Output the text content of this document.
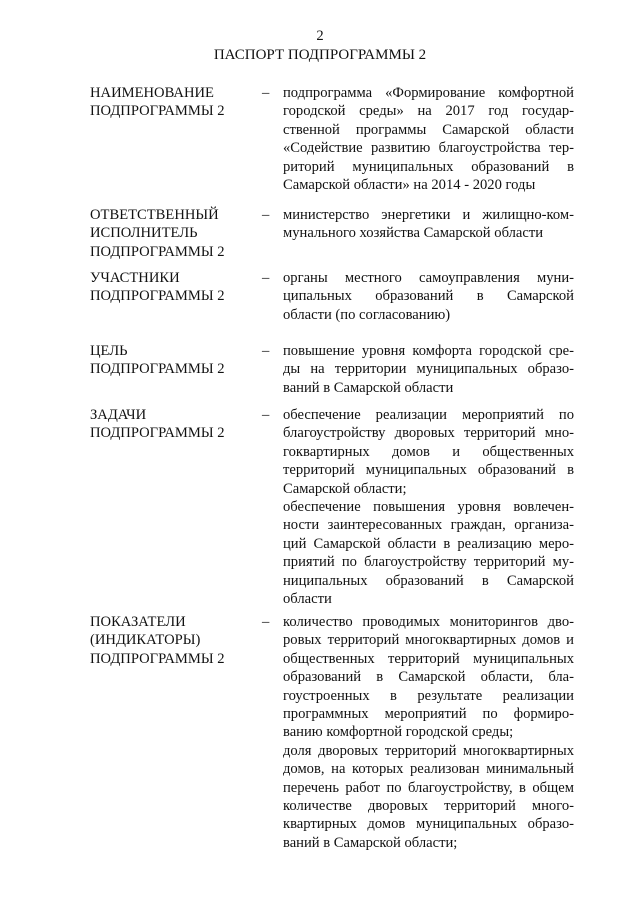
2
ПАСПОРТ ПОДПРОГРАММЫ 2
НАИМЕНОВАНИЕ
ПОДПРОГРАММЫ 2
– подпрограмма «Формирование комфортной
городской среды» на 2017 год государ-
ственной программы Самарской области
«Содействие развитию благоустройства тер-
риторий муниципальных образований в
Самарской области» на 2014 - 2020 годы

ОТВЕТСТВЕННЫЙ
ИСПОЛНИТЕЛЬ
ПОДПРОГРАММЫ 2
– министерство энергетики и жилищно-ком-
мунального хозяйства Самарской области

УЧАСТНИКИ
ПОДПРОГРАММЫ 2
– органы местного самоуправления муни-
ципальных образований в Самарской
области (по согласованию)

ЦЕЛЬ
ПОДПРОГРАММЫ 2
– повышение уровня комфорта городской сре-
ды на территории муниципальных образо-
ваний в Самарской области

ЗАДАЧИ
ПОДПРОГРАММЫ 2
– обеспечение реализации мероприятий по
благоустройству дворовых территорий мно-
гоквартирных домов и общественных
территорий муниципальных образований в
Самарской области;

обеспечение повышения уровня вовлечен-
ности заинтересованных граждан, организа-
ций Самарской области в реализацию меро-
приятий по благоустройству территорий му-
ниципальных образований в Самарской
области

ПОКАЗАТЕЛИ
(ИНДИКАТОРЫ)
ПОДПРОГРАММЫ 2
– количество проводимых мониторингов дво-
ровых территорий многоквартирных домов и
общественных территорий муниципальных
образований в Самарской области, бла-
гоустроенных в результате реализации
программных мероприятий по формиро-
ванию комфортной городской среды;

доля дворовых территорий многоквартирных
домов, на которых реализован минимальный
перечень работ по благоустройству, в общем
количестве дворовых территорий много-
квартирных домов муниципальных образо-
ваний в Самарской области;
